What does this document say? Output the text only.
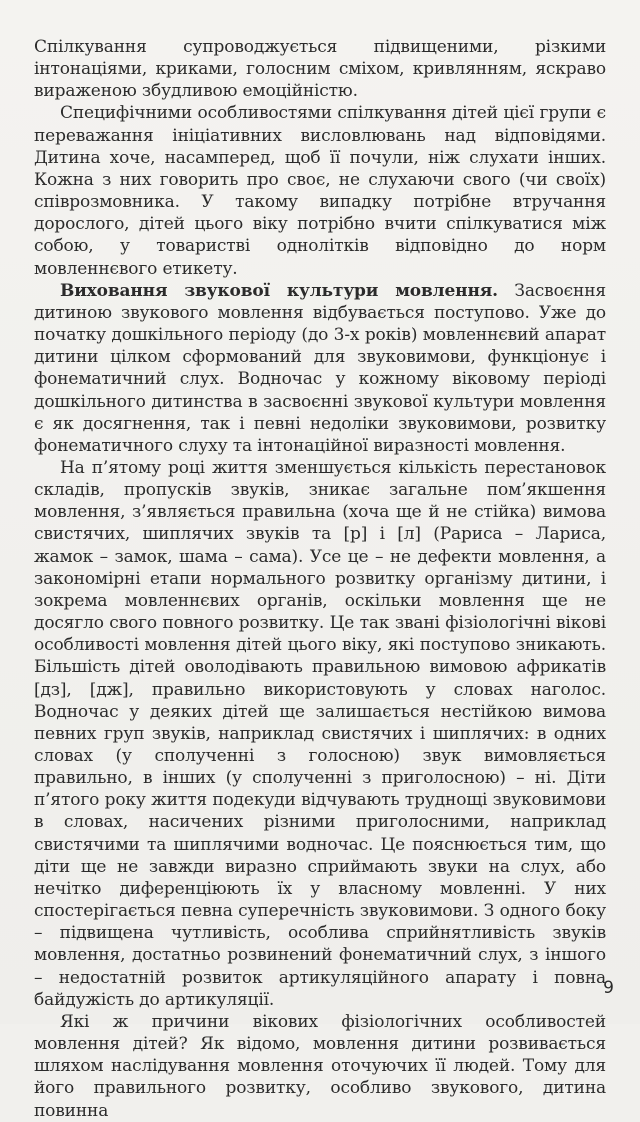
Спілкування супроводжується підвищеними, різкими інтонаціями, криками, голосним сміхом, кривлянням, яскраво вираженою збудливою емоційністю.

Специфічними особливостями спілкування дітей цієї групи є переважання ініціативних висловлювань над відповідями. Дитина хоче, насамперед, щоб її почули, ніж слухати інших. Кожна з них говорить про своє, не слухаючи свого (чи своїх) співрозмовника. У такому випадку потрібне втручання дорослого, дітей цього віку потрібно вчити спілкуватися між собою, у товаристві однолітків відповідно до норм мовленнєвого етикету.

Виховання звукової культури мовлення. Засвоєння дитиною звукового мовлення відбувається поступово. Уже до початку дошкільного періоду (до 3-х років) мовленнєвий апарат дитини цілком сформований для звуковимови, функціонує і фонематичний слух. Водночас у кожному віковому періоді дошкільного дитинства в засвоєнні звукової культури мовлення є як досягнення, так і певні недоліки звуковимови, розвитку фонематичного слуху та інтонаційної виразності мовлення.

На п’ятому році життя зменшується кількість перестановок складів, пропусків звуків, зникає загальне пом’якшення мовлення, з’являється правильна (хоча ще й не стійка) вимова свистячих, шиплячих звуків та [р] і [л] (Рариса – Лариса, жамок – замок, шама – сама). Усе це – не дефекти мовлення, а закономірні етапи нормального розвитку організму дитини, і зокрема мовленнєвих органів, оскільки мовлення ще не досягло свого повного розвитку. Це так звані фізіологічні вікові особливості мовлення дітей цього віку, які поступово зникають. Більшість дітей оволодівають правильною вимовою африкатів [дз], [дж], правильно використовують у словах наголос. Водночас у деяких дітей ще залишається нестійкою вимова певних груп звуків, наприклад свистячих і шиплячих: в одних словах (у сполученні з голосною) звук вимовляється правильно, в інших (у сполученні з приголосною) – ні. Діти п’ятого року життя подекуди відчувають труднощі звуковимови в словах, насичених різними приголосними, наприклад свистячими та шиплячими водночас. Це пояснюється тим, що діти ще не завжди виразно сприймають звуки на слух, або нечітко диференціюють їх у власному мовленні. У них спостерігається певна суперечність звуковимови. З одного боку – підвищена чутливість, особлива сприйнятливість звуків мовлення, достатньо розвинений фонематичний слух, з іншого – недостатній розвиток артикуляційного апарату і повна байдужість до артикуляції.

Які ж причини вікових фізіологічних особливостей мовлення дітей? Як відомо, мовлення дитини розвивається шляхом наслідування мовлення оточуючих її людей. Тому для його правильного розвитку, особливо звукового, дитина повинна

9
